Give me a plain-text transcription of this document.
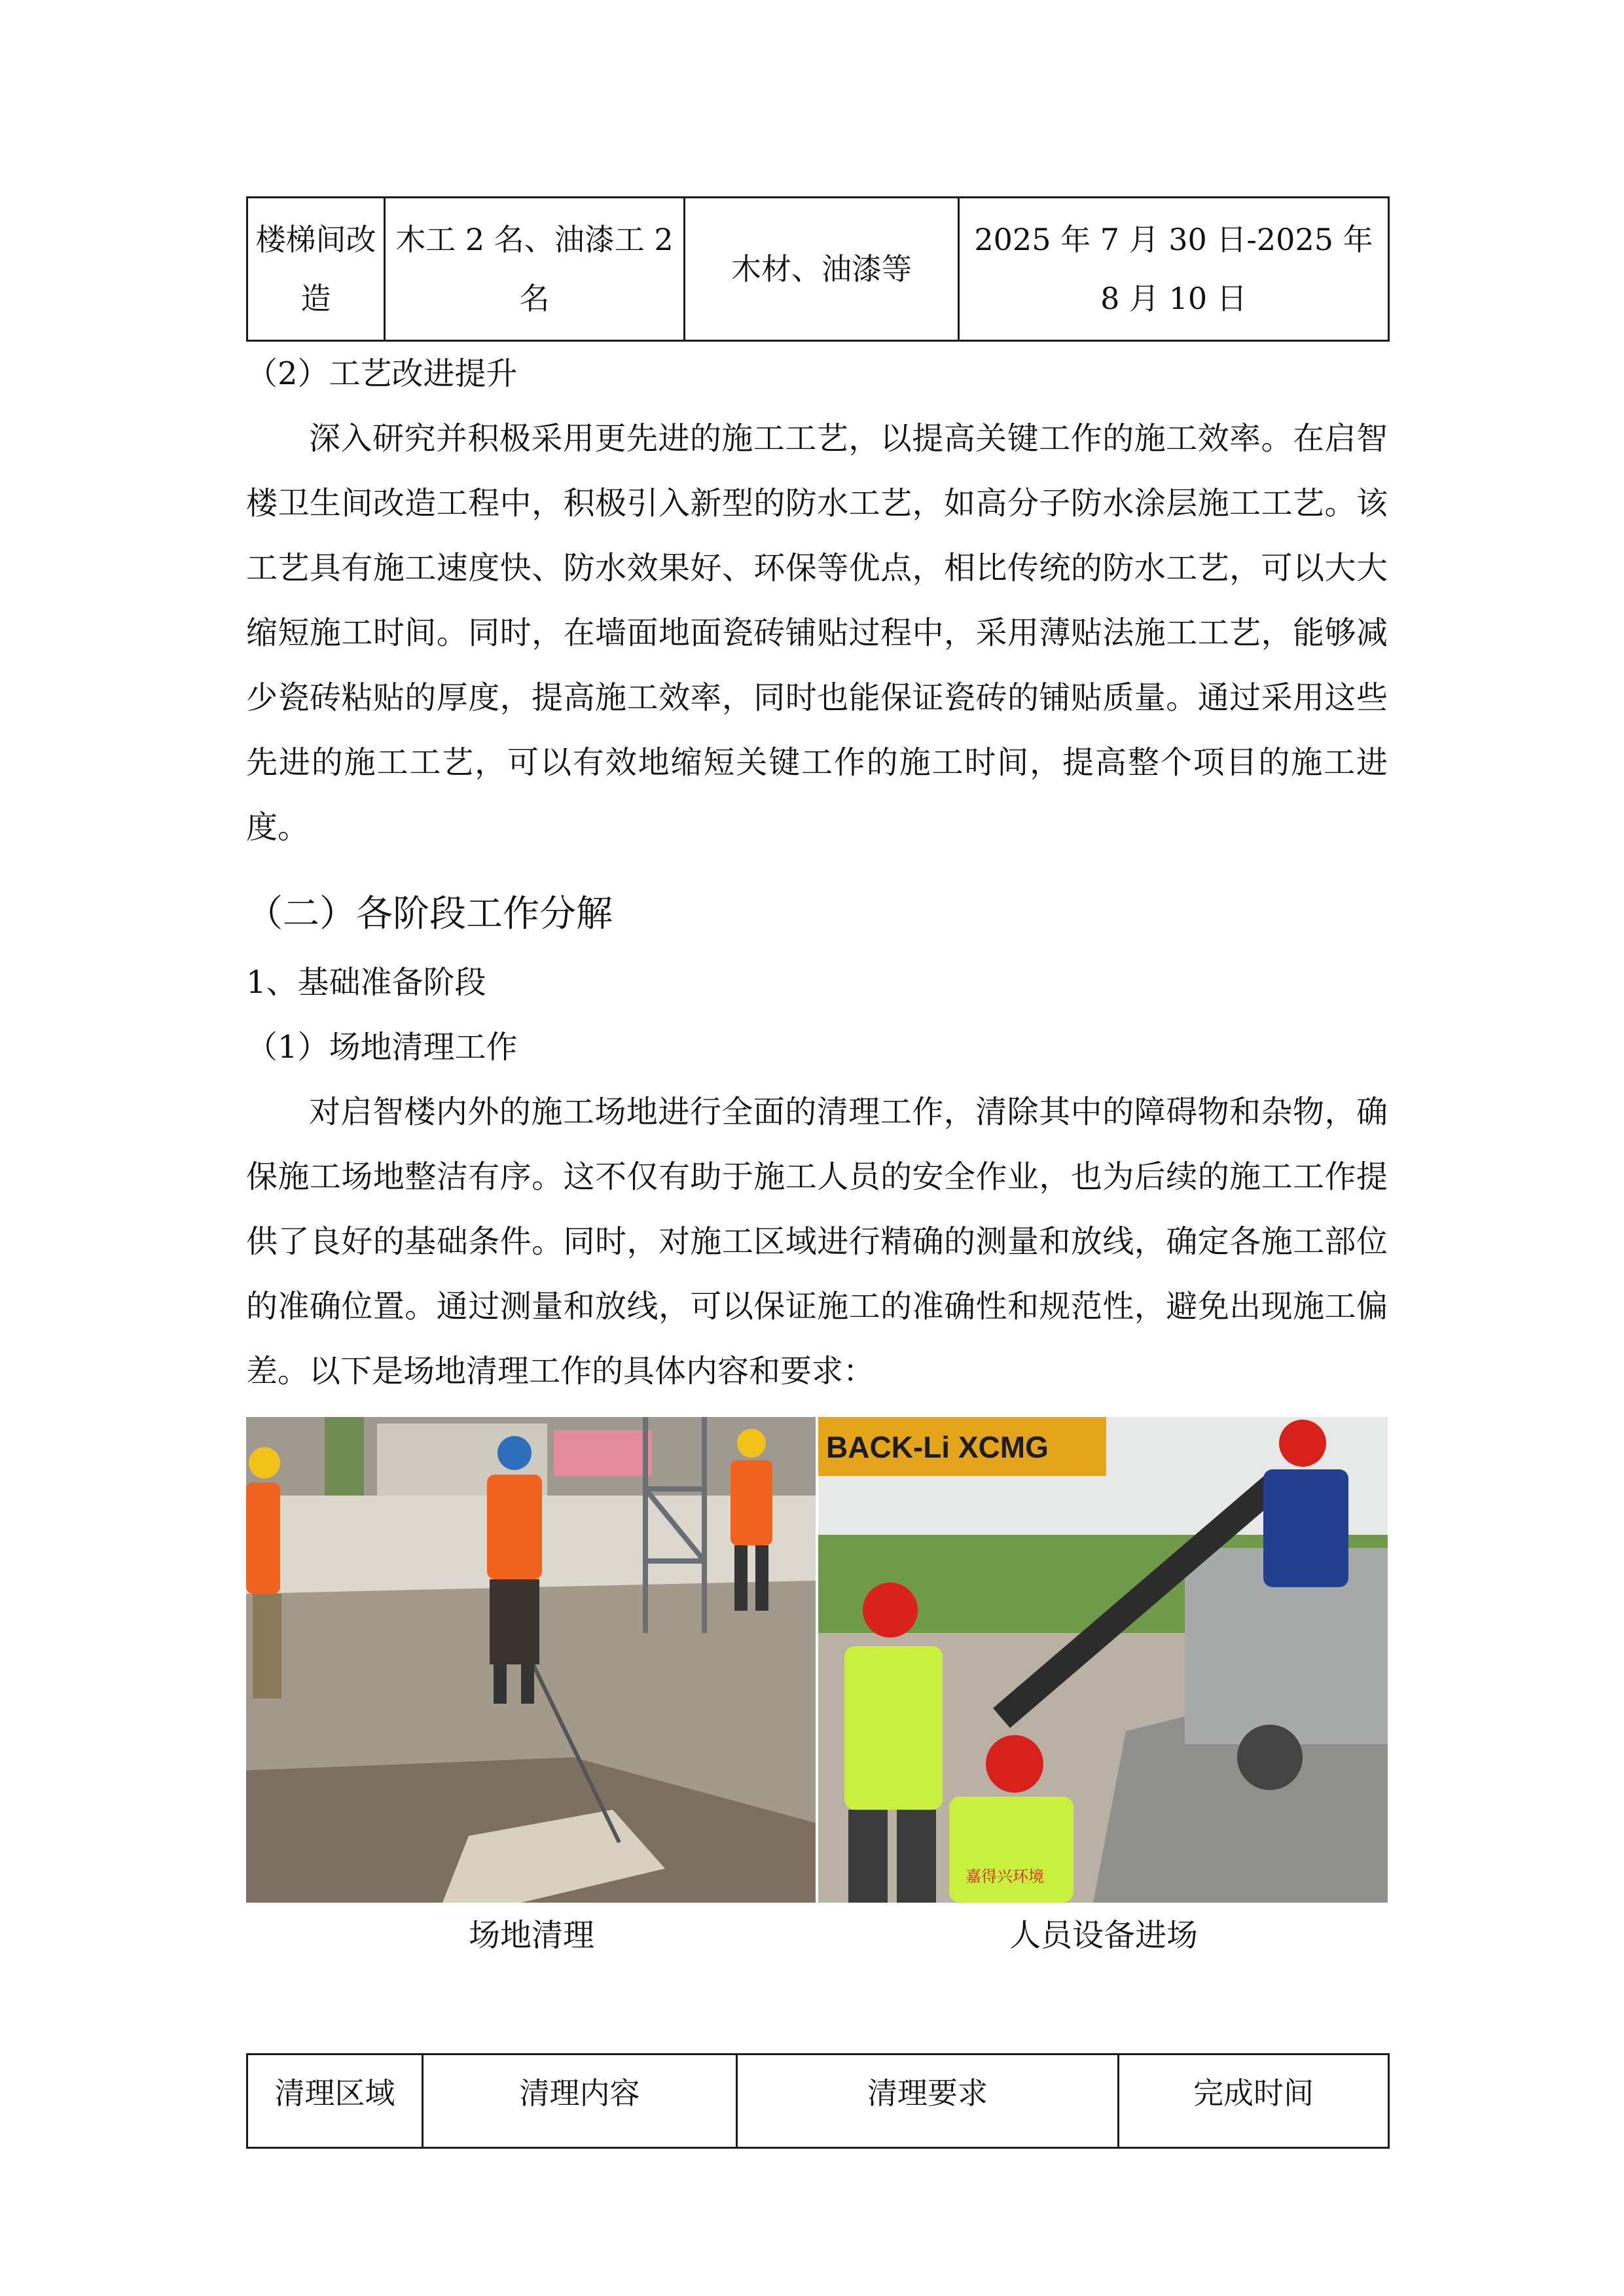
楼梯间改造	木工 2 名、油漆工 2 名	木材、油漆等	2025 年 7 月 30 日-2025 年 8 月 10 日

（2）工艺改进提升

深入研究并积极采用更先进的施工工艺，以提高关键工作的施工效率。在启智楼卫生间改造工程中，积极引入新型的防水工艺，如高分子防水涂层施工工艺。该工艺具有施工速度快、防水效果好、环保等优点，相比传统的防水工艺，可以大大缩短施工时间。同时，在墙面地面瓷砖铺贴过程中，采用薄贴法施工工艺，能够减少瓷砖粘贴的厚度，提高施工效率，同时也能保证瓷砖的铺贴质量。通过采用这些先进的施工工艺，可以有效地缩短关键工作的施工时间，提高整个项目的施工进度。

（二）各阶段工作分解

1、基础准备阶段

（1）场地清理工作

对启智楼内外的施工场地进行全面的清理工作，清除其中的障碍物和杂物，确保施工场地整洁有序。这不仅有助于施工人员的安全作业，也为后续的施工工作提供了良好的基础条件。同时，对施工区域进行精确的测量和放线，确定各施工部位的准确位置。通过测量和放线，可以保证施工的准确性和规范性，避免出现施工偏差。以下是场地清理工作的具体内容和要求：

BACK-Li XCMG
嘉得兴环境
场地清理	人员设备进场
清理区域	清理内容	清理要求	完成时间
